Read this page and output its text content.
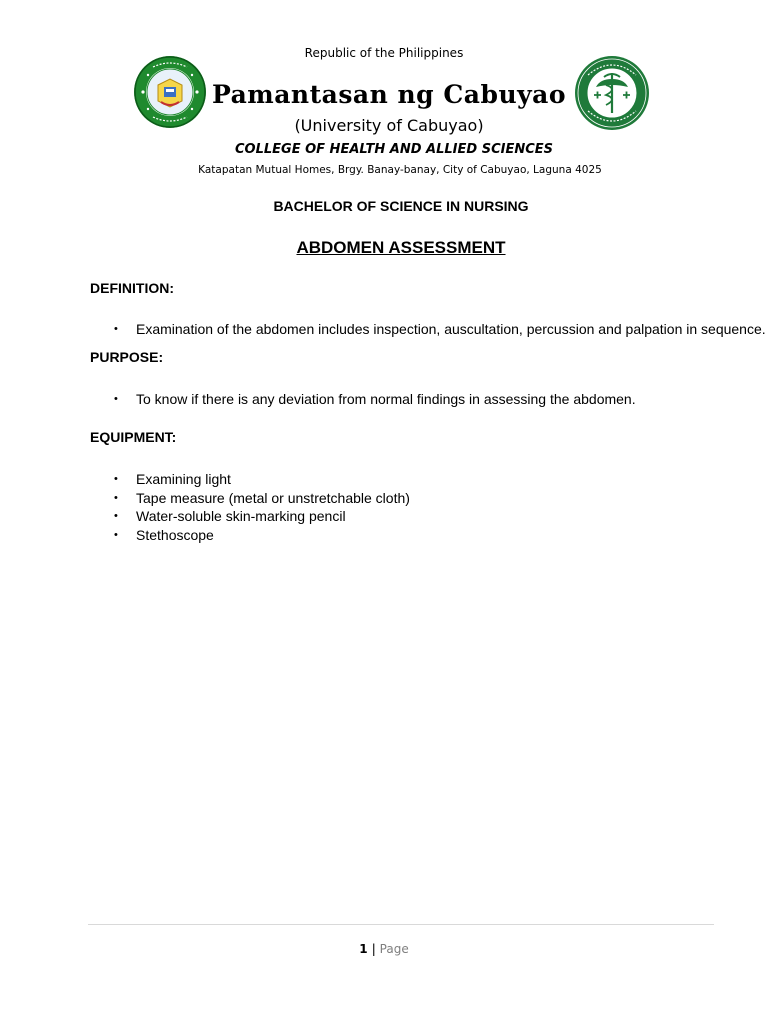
Republic of the Philippines
Pamantasan ng Cabuyao
(University of Cabuyao)
COLLEGE OF HEALTH AND ALLIED SCIENCES
Katapatan Mutual Homes, Brgy. Banay-banay, City of Cabuyao, Laguna 4025
BACHELOR OF SCIENCE IN NURSING
ABDOMEN ASSESSMENT
DEFINITION:
• Examination of the abdomen includes inspection, auscultation, percussion and palpation in sequence.
PURPOSE:
• To know if there is any deviation from normal findings in assessing the abdomen.
EQUIPMENT:
• Examining light
• Tape measure (metal or unstretchable cloth)
• Water-soluble skin-marking pencil
• Stethoscope
1 | Page
